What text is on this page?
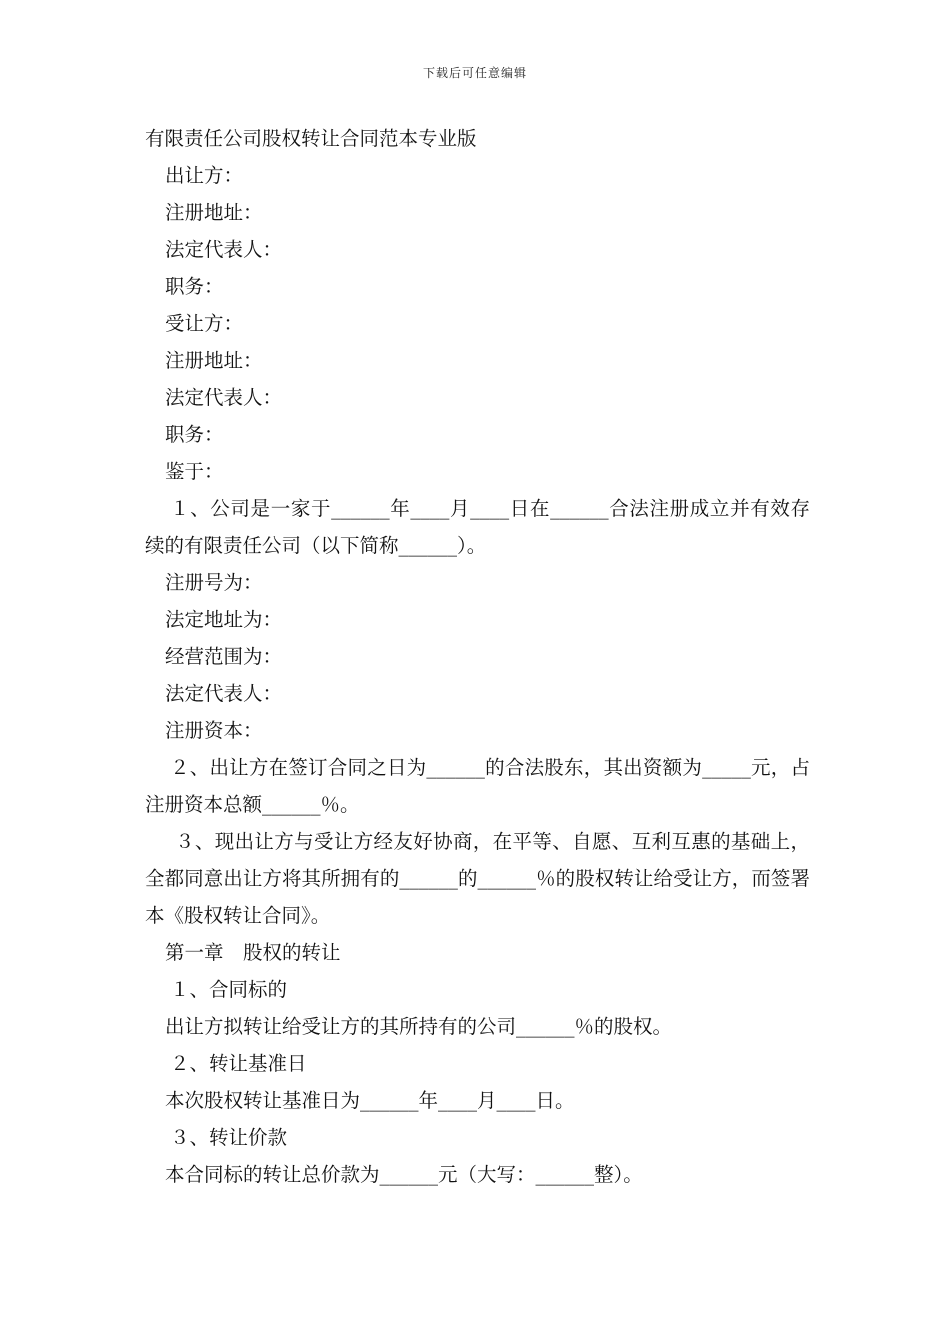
下载后可任意编辑
有限责任公司股权转让合同范本专业版
出让方：
注册地址：
法定代表人：
职务：
受让方：
注册地址：
法定代表人：
职务：
鉴于：
１、公司是一家于______年____月____日在______合法注册成立并有效存续的有限责任公司（以下简称______）。
注册号为：
法定地址为：
经营范围为：
法定代表人：
注册资本：
２、出让方在签订合同之日为______的合法股东，其出资额为_____元，占注册资本总额______％。
３、现出让方与受让方经友好协商，在平等、自愿、互利互惠的基础上，全都同意出让方将其所拥有的______的______％的股权转让给受让方，而签署本《股权转让合同》。
第一章　股权的转让
１、合同标的
出让方拟转让给受让方的其所持有的公司______％的股权。
２、转让基准日
本次股权转让基准日为______年____月____日。
３、转让价款
本合同标的转让总价款为______元（大写：______整）。
